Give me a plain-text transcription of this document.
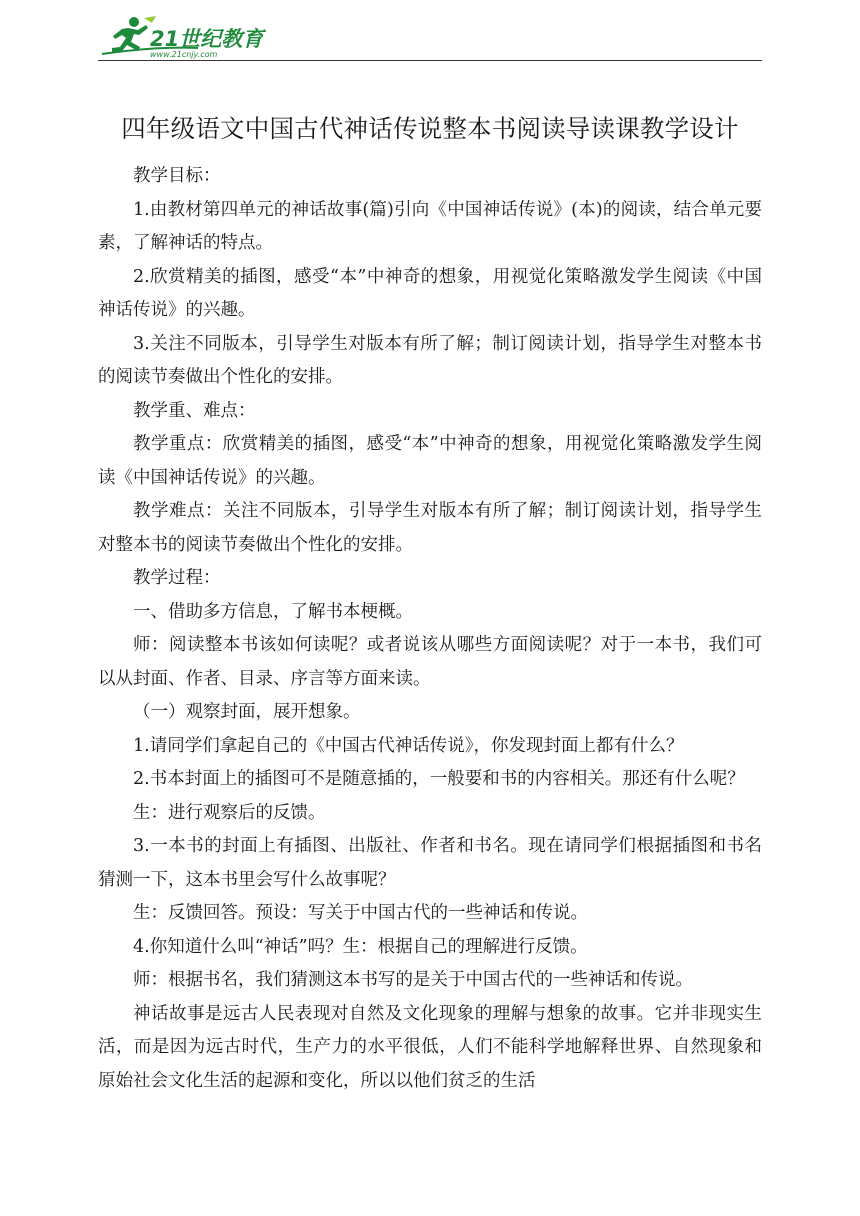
21世纪教育
www.21cnjy.com
四年级语文中国古代神话传说整本书阅读导读课教学设计

教学目标：

1.由教材第四单元的神话故事(篇)引向《中国神话传说》(本)的阅读，结合单元要素，了解神话的特点。

2.欣赏精美的插图，感受“本”中神奇的想象，用视觉化策略激发学生阅读《中国神话传说》的兴趣。

3.关注不同版本，引导学生对版本有所了解；制订阅读计划，指导学生对整本书的阅读节奏做出个性化的安排。

教学重、难点：

教学重点：欣赏精美的插图，感受“本”中神奇的想象，用视觉化策略激发学生阅读《中国神话传说》的兴趣。

教学难点：关注不同版本，引导学生对版本有所了解；制订阅读计划，指导学生对整本书的阅读节奏做出个性化的安排。

教学过程：

一、借助多方信息，了解书本梗概。

师：阅读整本书该如何读呢？或者说该从哪些方面阅读呢？对于一本书，我们可以从封面、作者、目录、序言等方面来读。

（一）观察封面，展开想象。

1.请同学们拿起自己的《中国古代神话传说》，你发现封面上都有什么？

2.书本封面上的插图可不是随意插的，一般要和书的内容相关。那还有什么呢？

生：进行观察后的反馈。

3.一本书的封面上有插图、出版社、作者和书名。现在请同学们根据插图和书名猜测一下，这本书里会写什么故事呢？

生：反馈回答。预设：写关于中国古代的一些神话和传说。

4.你知道什么叫“神话”吗？生：根据自己的理解进行反馈。

师：根据书名，我们猜测这本书写的是关于中国古代的一些神话和传说。

神话故事是远古人民表现对自然及文化现象的理解与想象的故事。它并非现实生活，而是因为远古时代，生产力的水平很低，人们不能科学地解释世界、自然现象和原始社会文化生活的起源和变化，所以以他们贫乏的生活
